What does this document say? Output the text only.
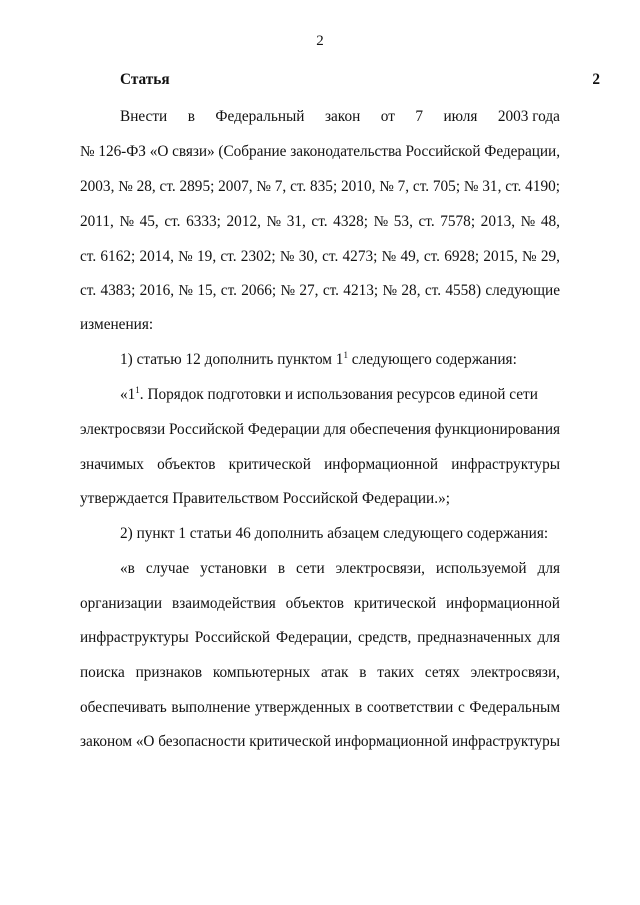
2
Статья 2
Внести в Федеральный закон от 7 июля 2003 года
№ 126-ФЗ «О связи» (Собрание законодательства Российской Федерации,
2003, № 28, ст. 2895; 2007, № 7, ст. 835; 2010, № 7, ст. 705; № 31, ст. 4190;
2011, № 45, ст. 6333; 2012, № 31, ст. 4328; № 53, ст. 7578; 2013, № 48,
ст. 6162; 2014, № 19, ст. 2302; № 30, ст. 4273; № 49, ст. 6928; 2015, № 29,
ст. 4383; 2016, № 15, ст. 2066; № 27, ст. 4213; № 28, ст. 4558) следующие
изменения:
1) статью 12 дополнить пунктом $1^1$ следующего содержания:
«$1^1$. Порядок подготовки и использования ресурсов единой сети
электросвязи Российской Федерации для обеспечения функционирования
значимых объектов критической информационной инфраструктуры
утверждается Правительством Российской Федерации.»;
2) пункт 1 статьи 46 дополнить абзацем следующего содержания:
«в случае установки в сети электросвязи, используемой для
организации взаимодействия объектов критической информационной
инфраструктуры Российской Федерации, средств, предназначенных для
поиска признаков компьютерных атак в таких сетях электросвязи,
обеспечивать выполнение утвержденных в соответствии с Федеральным
законом «О безопасности критической информационной инфраструктуры
